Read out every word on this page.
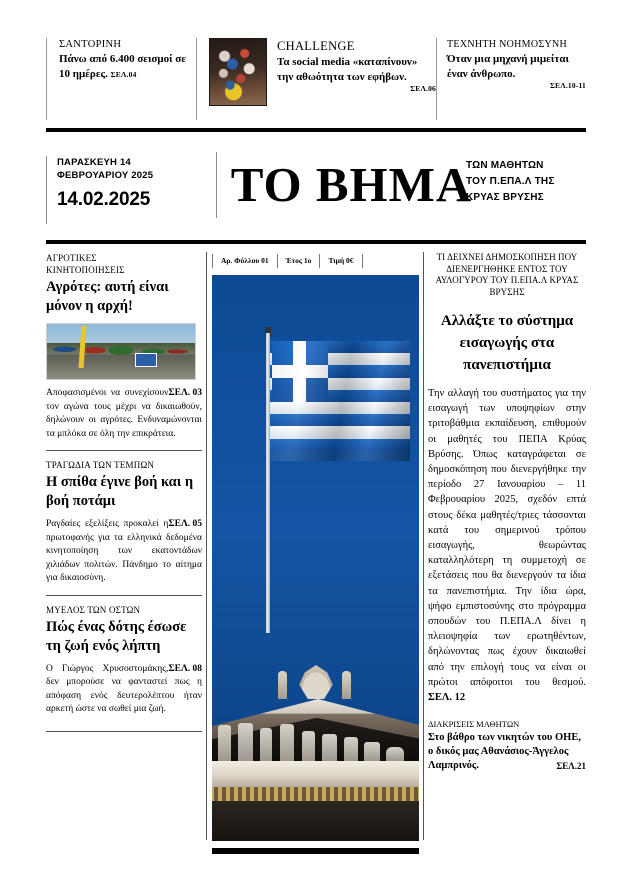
ΣΑΝΤΟΡΙΝΗ
Πάνω από 6.400 σεισμοί σε 10 ημέρες. ΣΕΛ.04
CHALLENGE
Τα social media «καταπίνουν» την αθωότητα των εφήβων.
ΣΕΛ.06
ΤΕΧΝΗΤΗ ΝΟΗΜΟΣΥΝΗ
Όταν μια μηχανή μιμείται έναν άνθρωπο.
ΣΕΛ.10-11
ΠΑΡΑΣΚΕΥΗ 14
ΦΕΒΡΟΥΑΡΙΟΥ 2025
14.02.2025	ΤΟ ΒΗΜΑ
ΤΩΝ ΜΑΘΗΤΩΝ
ΤΟΥ Π.ΕΠΑ.Λ ΤΗΣ
ΚΡΥΑΣ ΒΡΥΣΗΣ
Αρ. Φύλλου 01	Έτος 1ο	Τιμή 0€
ΑΓΡΟΤΙΚΕΣ
ΚΙΝΗΤΟΠΟΙΗΣΕΙΣ
Αγρότες: αυτή είναι μόνον η αρχή!
ΣΕΛ. 03
Αποφασισμένοι να συνεχίσουν τον αγώνα τους μέχρι να δικαιωθούν, δηλώνουν οι αγρότες. Ενδυναμώνονται τα μπλόκα σε όλη την επικράτεια.
ΤΡΑΓΩΔΙΑ ΤΩΝ ΤΕΜΠΩΝ
Η σπίθα έγινε βοή και η βοή ποτάμι
ΣΕΛ. 05
Ραγδαίες εξελίξεις προκαλεί η πρωτοφανής για τα ελληνικά δεδομένα κινητοποίηση των εκατοντάδων χιλιάδων πολιτών. Πάνδημο το αίτημα για δικαιοσύνη.
ΜΥΕΛΟΣ ΤΩΝ ΟΣΤΩΝ
Πώς ένας δότης έσωσε τη ζωή ενός λήπτη
ΣΕΛ. 08
Ο Γιώργος Χρυσοστομάκης, δεν μπορούσε να φανταστεί πως η απόφαση ενός δευτερολέπτου ήταν αρκετή ώστε να σωθεί μια ζωή.
ΤΙ ΔΕΙΧΝΕΙ ΔΗΜΟΣΚΟΠΗΣΗ ΠΟΥ ΔΙΕΝΕΡΓΗΘΗΚΕ ΕΝΤΟΣ ΤΟΥ ΑΥΛΟΓΥΡΟΥ ΤΟΥ Π.ΕΠΑ.Λ ΚΡΥΑΣ ΒΡΥΣΗΣ
Αλλάξτε το σύστημα εισαγωγής στα πανεπιστήμια
Την αλλαγή του συστήματος για την εισαγωγή των υποψηφίων στην τριτοβάθμια εκπαίδευση, επιθυμούν οι μαθητές του ΠΕΠΑ Κρύας Βρύσης. Όπως καταγράφεται σε δημοσκόπηση που διενεργήθηκε την περίοδο 27 Ιανουαρίου – 11 Φεβρουαρίου 2025, σχεδόν επτά στους δέκα μαθητές/τριες τάσσονται κατά του σημερινού τρόπου εισαγωγής, θεωρώντας καταλληλότερη τη συμμετοχή σε εξετάσεις που θα διενεργούν τα ίδια τα πανεπιστήμια. Την ίδια ώρα, ψήφο εμπιστοσύνης στο πρόγραμμα σπουδών του Π.ΕΠΑ.Λ δίνει η πλειοψηφία των ερωτηθέντων, δηλώνοντας πως έχουν δικαιωθεί από την επιλογή τους να είναι οι πρώτοι απόφοιτοι του θεσμού. ΣΕΛ. 12
ΔΙΑΚΡΙΣΕΙΣ ΜΑΘΗΤΩΝ
Στο βάθρο των νικητών του ΟΗΕ, ο δικός μας Αθανάσιος-Άγγελος Λαμπρινός.	ΣΕΛ.21
